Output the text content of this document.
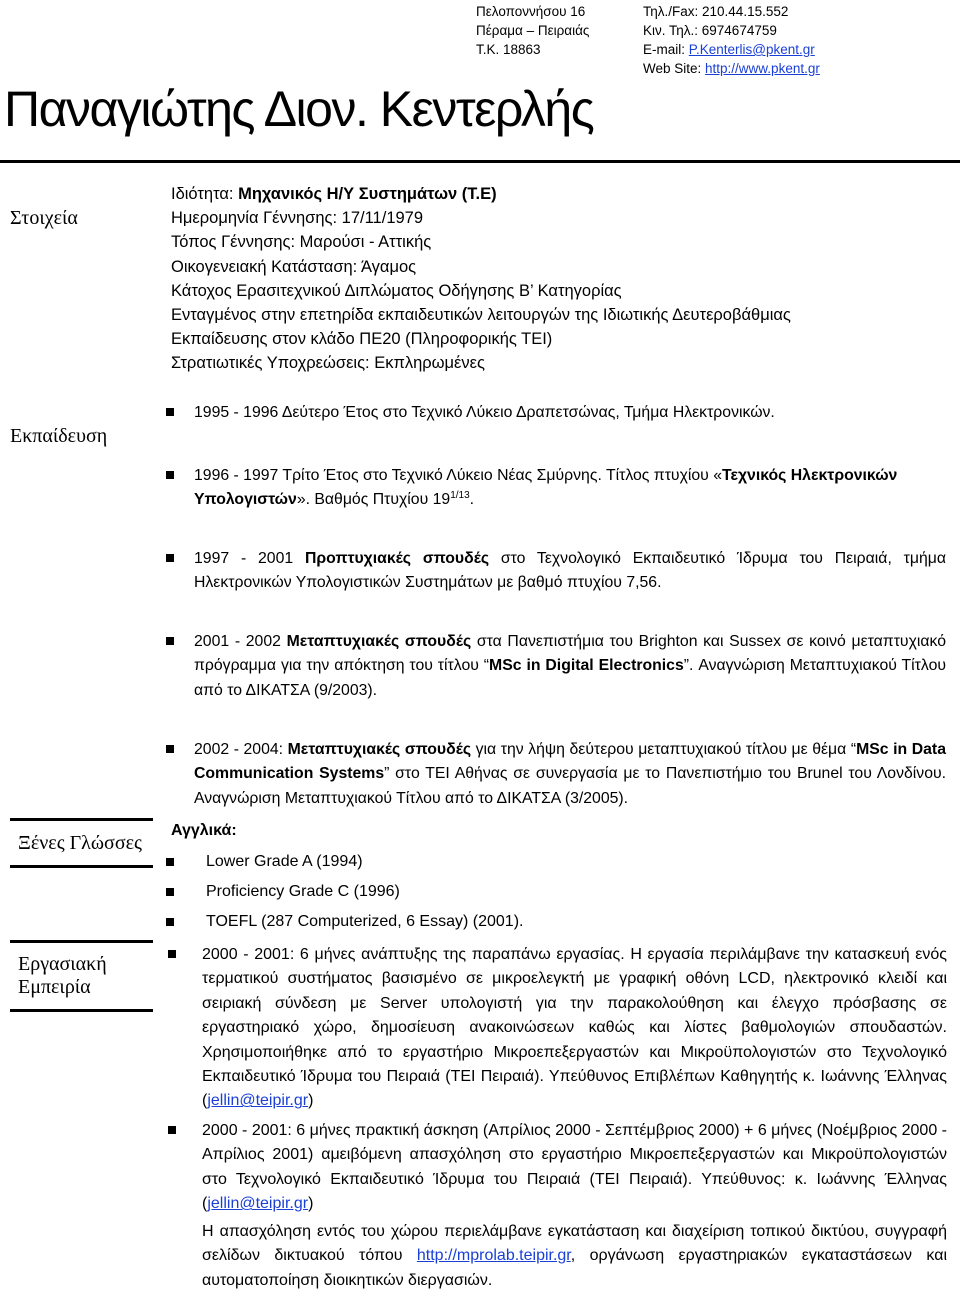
Πελοποννήσου 16
Πέραμα – Πειραιάς
Τ.Κ. 18863
Τηλ./Fax: 210.44.15.552
Κιν. Τηλ.: 6974674759
E-mail: P.Kenterlis@pkent.gr
Web Site: http://www.pkent.gr
Παναγιώτης Διον. Κεντερλής
Στοιχεία
Εκπαίδευση
Ξένες Γλώσσες
Εργασιακή
Εμπειρία
Ιδιότητα: Μηχανικός Η/Υ Συστημάτων (Τ.Ε)
Ημερομηνία Γέννησης: 17/11/1979
Τόπος Γέννησης: Μαρούσι - Αττικής
Οικογενειακή Κατάσταση: Άγαμος
Κάτοχος Ερασιτεχνικού Διπλώματος Οδήγησης Β’ Κατηγορίας
Ενταγμένος στην επετηρίδα εκπαιδευτικών λειτουργών της Ιδιωτικής Δευτεροβάθμιας
Εκπαίδευσης στον κλάδο ΠΕ20 (Πληροφορικής ΤΕΙ)
Στρατιωτικές Υποχρεώσεις: Εκπληρωμένες
1995 - 1996 Δεύτερο Έτος στο Τεχνικό Λύκειο Δραπετσώνας, Τμήμα Ηλεκτρονικών.
1996 - 1997 Τρίτο Έτος στο Τεχνικό Λύκειο Νέας Σμύρνης. Τίτλος πτυχίου «Τεχνικός Ηλεκτρονικών Υπολογιστών». Βαθμός Πτυχίου $19^{1/13}$.
1997 - 2001 Προπτυχιακές σπουδές στο Τεχνολογικό Εκπαιδευτικό Ίδρυμα του Πειραιά, τμήμα Ηλεκτρονικών Υπολογιστικών Συστημάτων με βαθμό πτυχίου 7,56.
2001 - 2002 Μεταπτυχιακές σπουδές στα Πανεπιστήμια του Brighton και Sussex σε κοινό μεταπτυχιακό πρόγραμμα για την απόκτηση του τίτλου “MSc in Digital Electronics”. Αναγνώριση Μεταπτυχιακού Τίτλου από το ΔΙΚΑΤΣΑ (9/2003).
2002 - 2004: Μεταπτυχιακές σπουδές για την λήψη δεύτερου μεταπτυχιακού τίτλου με θέμα “MSc in Data Communication Systems” στο ΤΕΙ Αθήνας σε συνεργασία με το Πανεπιστήμιο του Brunel του Λονδίνου. Αναγνώριση Μεταπτυχιακού Τίτλου από το ΔΙΚΑΤΣΑ (3/2005).
Αγγλικά:
Lower Grade A (1994)
Proficiency Grade C (1996)
TOEFL (287 Computerized, 6 Essay) (2001).
2000 - 2001: 6 μήνες ανάπτυξης της παραπάνω εργασίας. Η εργασία περιλάμβανε την κατασκευή ενός τερματικού συστήματος βασισμένο σε μικροελεγκτή με γραφική οθόνη LCD, ηλεκτρονικό κλειδί και σειριακή σύνδεση με Server υπολογιστή για την παρακολούθηση και έλεγχο πρόσβασης σε εργαστηριακό χώρο, δημοσίευση ανακοινώσεων καθώς και λίστες βαθμολογιών σπουδαστών. Χρησιμοποιήθηκε από το εργαστήριο Μικροεπεξεργαστών και Μικροϋπολογιστών στο Τεχνολογικό Εκπαιδευτικό Ίδρυμα του Πειραιά (ΤΕΙ Πειραιά). Υπεύθυνος Επιβλέπων Καθηγητής κ. Ιωάννης Έλληνας (jellin@teipir.gr)
2000 - 2001: 6 μήνες πρακτική άσκηση (Απρίλιος 2000 - Σεπτέμβριος 2000) + 6 μήνες (Νοέμβριος 2000 - Απρίλιος 2001) αμειβόμενη απασχόληση στο εργαστήριο Μικροεπεξεργαστών και Μικροϋπολογιστών στο Τεχνολογικό Εκπαιδευτικό Ίδρυμα του Πειραιά (ΤΕΙ Πειραιά). Υπεύθυνος: κ. Ιωάννης Έλληνας (jellin@teipir.gr)
Η απασχόληση εντός του χώρου περιελάμβανε εγκατάσταση και διαχείριση τοπικού δικτύου, συγγραφή σελίδων δικτυακού τόπου http://mprolab.teipir.gr, οργάνωση εργαστηριακών εγκαταστάσεων και αυτοματοποίηση διοικητικών διεργασιών.
